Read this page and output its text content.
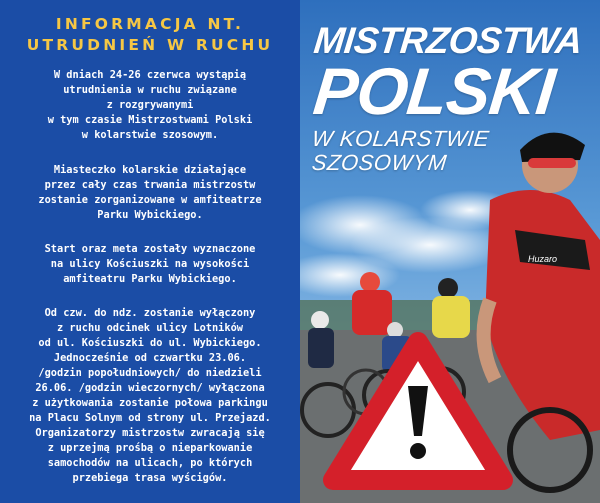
INFORMACJA NT.
UTRUDNIEŃ W RUCHU
W dniach 24-26 czerwca wystąpią
utrudnienia w ruchu związane
z rozgrywanymi
w tym czasie Mistrzostwami Polski
w kolarstwie szosowym.
Miasteczko kolarskie działające
przez cały czas trwania mistrzostw
zostanie zorganizowane w amfiteatrze
Parku Wybickiego.
Start oraz meta zostały wyznaczone
na ulicy Kościuszki na wysokości
amfiteatru Parku Wybickiego.
Od czw. do ndz. zostanie wyłączony
z ruchu odcinek ulicy Lotników
od ul. Kościuszki do ul. Wybickiego.
Jednocześnie od czwartku 23.06.
/godzin popołudniowych/ do niedzieli
26.06. /godzin wieczornych/ wyłączona
z użytkowania zostanie połowa parkingu
na Placu Solnym od strony ul. Przejazd.
Organizatorzy mistrzostw zwracają się
z uprzejmą prośbą o nieparkowanie
samochodów na ulicach, po których
przebiega trasa wyścigów.
Huzaro
MISTRZOSTWA
POLSKI
W KOLARSTWIE
SZOSOWYM
